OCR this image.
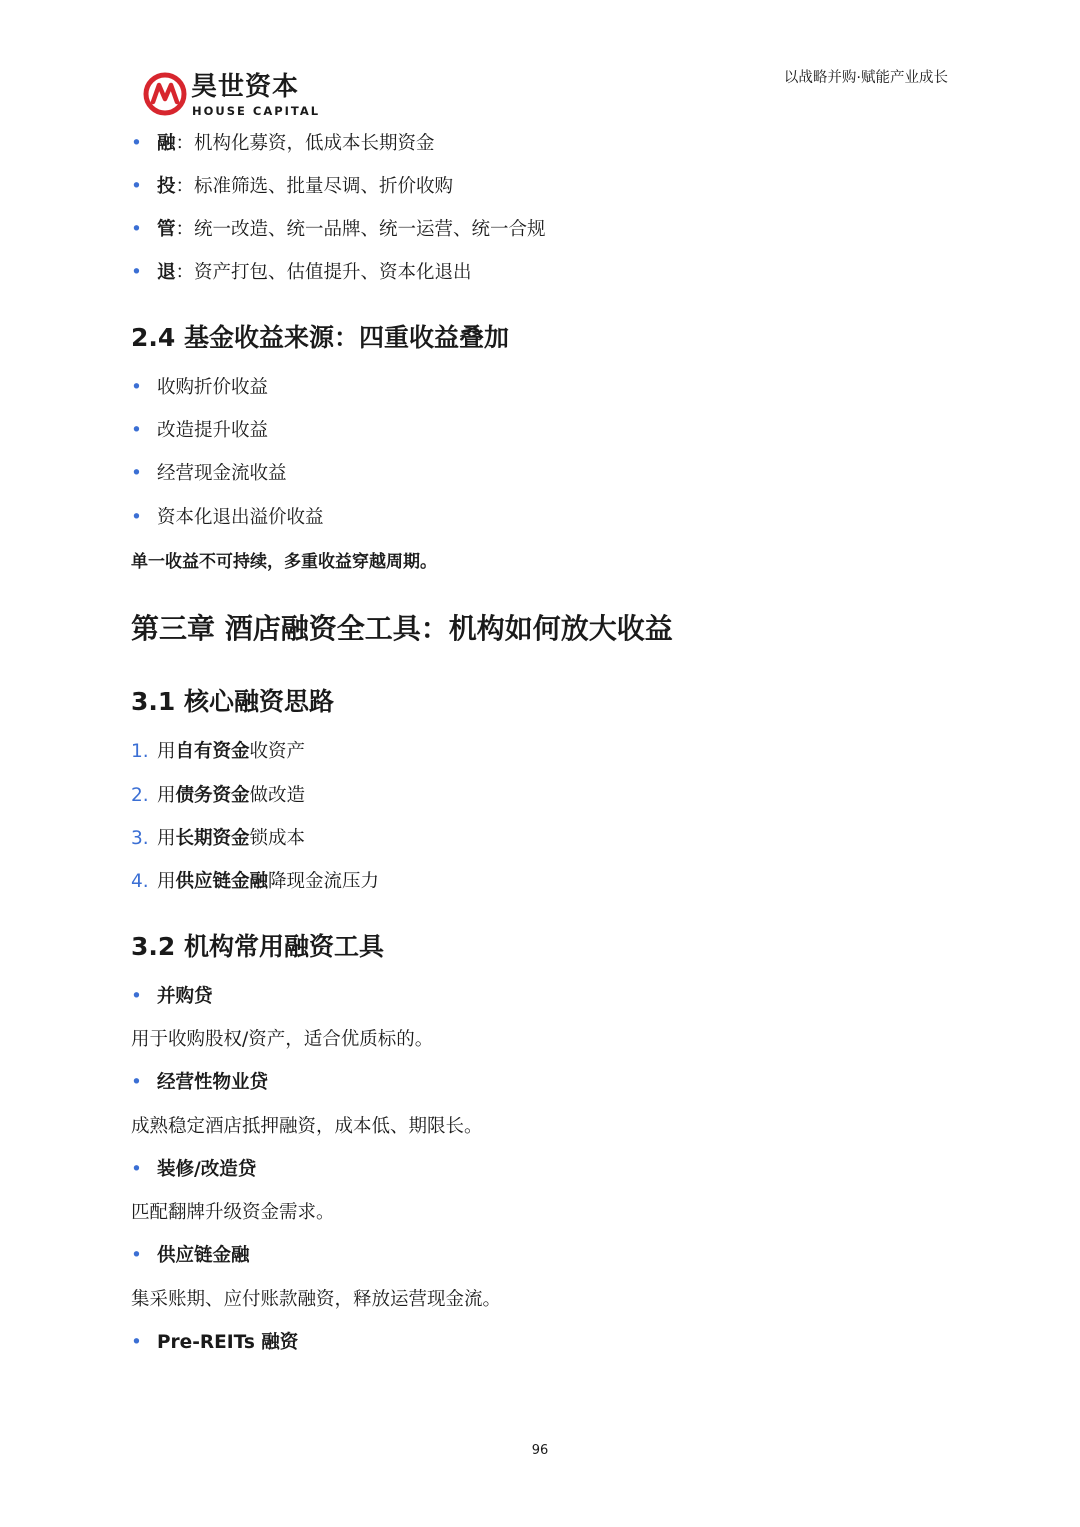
昊世资本
HOUSE CAPITAL
以战略并购·赋能产业成长
• 融：机构化募资，低成本长期资金
• 投：标准筛选、批量尽调、折价收购
• 管：统一改造、统一品牌、统一运营、统一合规
• 退：资产打包、估值提升、资本化退出
2.4 基金收益来源：四重收益叠加
• 收购折价收益
• 改造提升收益
• 经营现金流收益
• 资本化退出溢价收益
单一收益不可持续，多重收益穿越周期。
第三章 酒店融资全工具：机构如何放大收益
3.1 核心融资思路
1. 用自有资金收资产
2. 用债务资金做改造
3. 用长期资金锁成本
4. 用供应链金融降现金流压力
3.2 机构常用融资工具
• 并购贷
用于收购股权/资产，适合优质标的。
• 经营性物业贷
成熟稳定酒店抵押融资，成本低、期限长。
• 装修/改造贷
匹配翻牌升级资金需求。
• 供应链金融
集采账期、应付账款融资，释放运营现金流。
• Pre-REITs 融资
96
